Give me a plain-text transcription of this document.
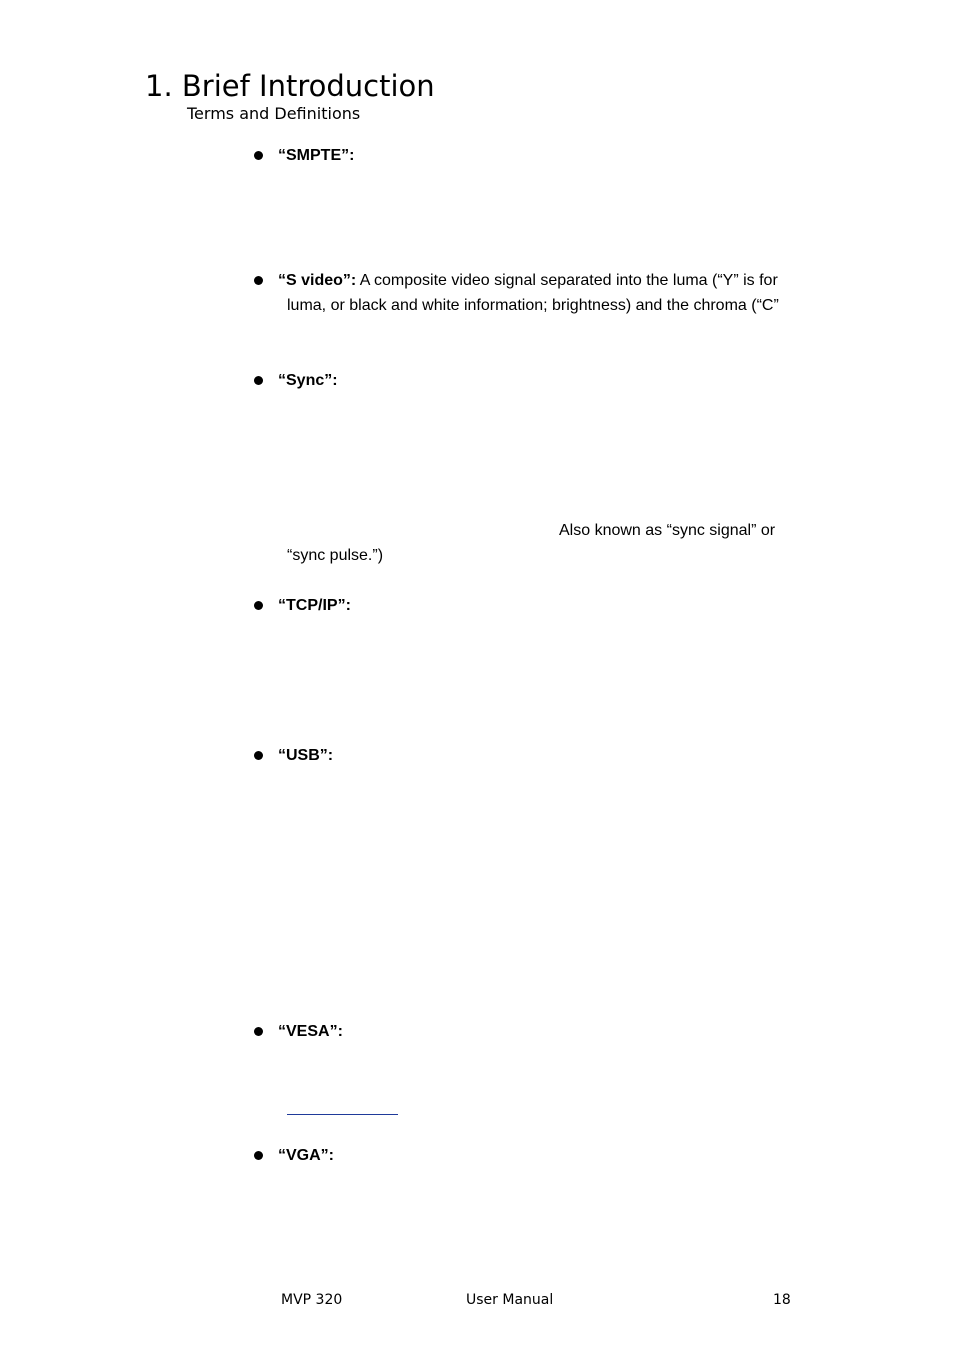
1. Brief Introduction
Terms and Definitions
“SMPTE”:
“S video”: A composite video signal separated into the luma (“Y” is for
luma, or black and white information; brightness) and the chroma (“C”
“Sync”:
Also known as “sync signal” or
“sync pulse.”)
“TCP/IP”:
“USB”:
“VESA”:
“VGA”:
MVP 320	User Manual	18
